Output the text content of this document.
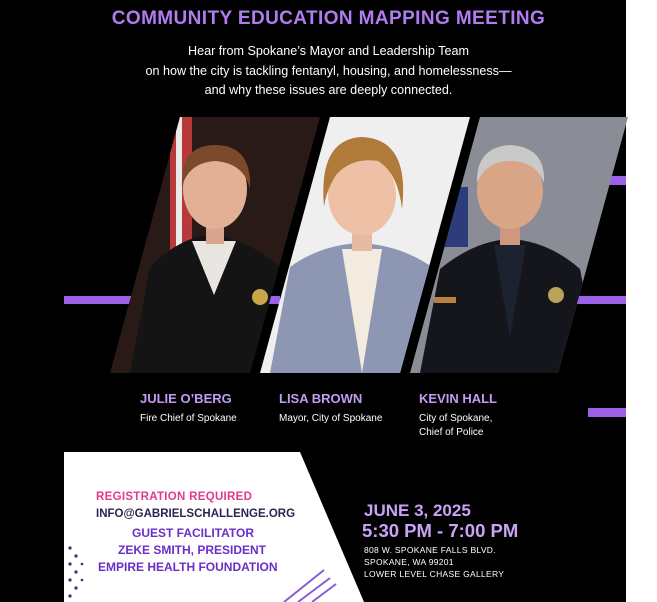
COMMUNITY EDUCATION MAPPING MEETING
Hear from Spokane’s Mayor and Leadership Team
on how the city is tackling fentanyl, housing, and homelessness—
and why these issues are deeply connected.
JULIE O’BERG
Fire Chief of Spokane
LISA BROWN
Mayor, City of Spokane
KEVIN HALL
City of Spokane,
Chief of Police
REGISTRATION REQUIRED
INFO@GABRIELSCHALLENGE.ORG
GUEST FACILITATOR
ZEKE SMITH, PRESIDENT
EMPIRE HEALTH FOUNDATION
JUNE 3, 2025
5:30 PM - 7:00 PM
808 W. SPOKANE FALLS BLVD.
SPOKANE, WA 99201
LOWER LEVEL CHASE GALLERY
